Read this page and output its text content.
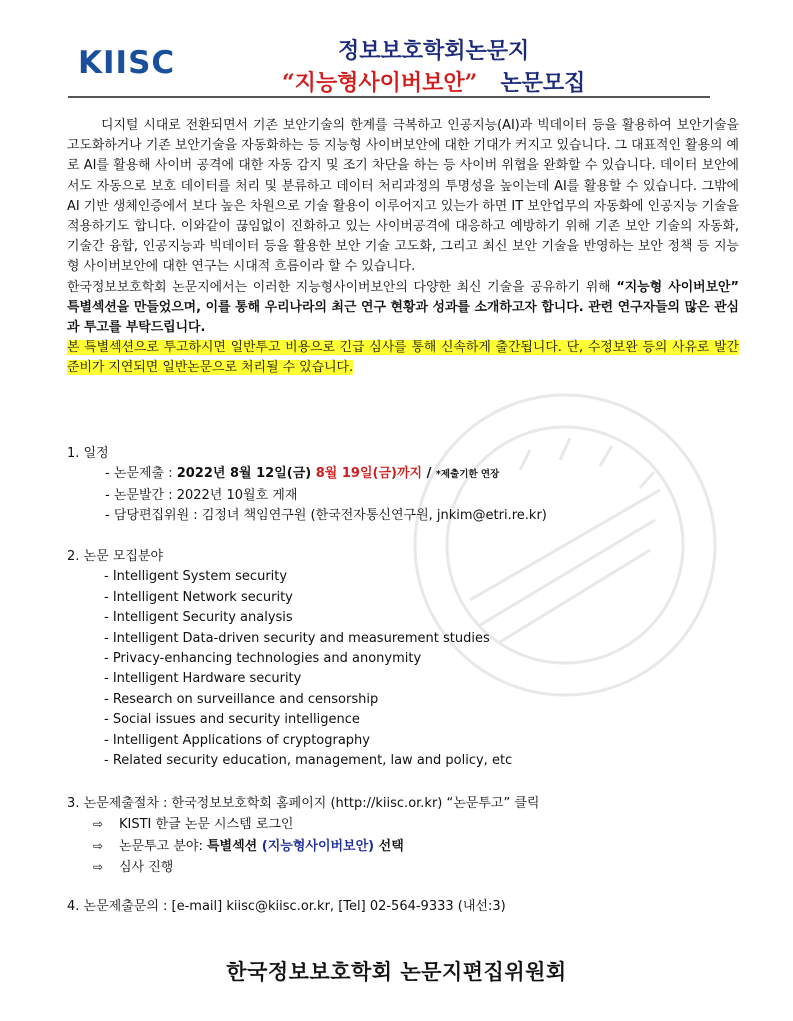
KIISC	정보보호학회논문지
“지능형사이버보안” 논문모집

디지털 시대로 전환되면서 기존 보안기술의 한계를 극복하고 인공지능(AI)과 빅데이터 등을 활용하여 보안기술을 고도화하거나 기존 보안기술을 자동화하는 등 지능형 사이버보안에 대한 기대가 커지고 있습니다. 그 대표적인 활용의 예로 AI를 활용해 사이버 공격에 대한 자동 감지 및 조기 차단을 하는 등 사이버 위협을 완화할 수 있습니다. 데이터 보안에서도 자동으로 보호 데이터를 처리 및 분류하고 데이터 처리과정의 투명성을 높이는데 AI를 활용할 수 있습니다. 그밖에 AI 기반 생체인증에서 보다 높은 차원으로 기술 활용이 이루어지고 있는가 하면 IT 보안업무의 자동화에 인공지능 기술을 적용하기도 합니다. 이와같이 끊임없이 진화하고 있는 사이버공격에 대응하고 예방하기 위해 기존 보안 기술의 자동화, 기술간 융합, 인공지능과 빅데이터 등을 활용한 보안 기술 고도화, 그리고 최신 보안 기술을 반영하는 보안 정책 등 지능형 사이버보안에 대한 연구는 시대적 흐름이라 할 수 있습니다.

한국정보보호학회 논문지에서는 이러한 지능형사이버보안의 다양한 최신 기술을 공유하기 위해 “지능형 사이버보안” 특별섹션을 만들었으며, 이를 통해 우리나라의 최근 연구 현황과 성과를 소개하고자 합니다. 관련 연구자들의 많은 관심과 투고를 부탁드립니다.

본 특별섹션으로 투고하시면 일반투고 비용으로 긴급 심사를 통해 신속하게 출간됩니다. 단, 수정보완 등의 사유로 발간준비가 지연되면 일반논문으로 처리될 수 있습니다.

1. 일정

- 논문제출 : 2022년 8월 12일(금) 8월 19일(금)까지 / *제출기한 연장
- 논문발간 : 2022년 10월호 게재
- 담당편집위원 : 김정녀 책임연구원 (한국전자통신연구원, jnkim@etri.re.kr)

2. 논문 모집분야

- Intelligent System security
- Intelligent Network security
- Intelligent Security analysis
- Intelligent Data-driven security and measurement studies
- Privacy-enhancing technologies and anonymity
- Intelligent Hardware security
- Research on surveillance and censorship
- Social issues and security intelligence
- Intelligent Applications of cryptography
- Related security education, management, law and policy, etc

3. 논문제출절차 : 한국정보보호학회 홈페이지 (http://kiisc.or.kr) “논문투고” 클릭

⇨ KISTI 한글 논문 시스템 로그인
⇨ 논문투고 분야: 특별섹션 (지능형사이버보안) 선택
⇨ 심사 진행

4. 논문제출문의 : [e-mail] kiisc@kiisc.or.kr, [Tel] 02-564-9333 (내선:3)

한국정보보호학회 논문지편집위원회
